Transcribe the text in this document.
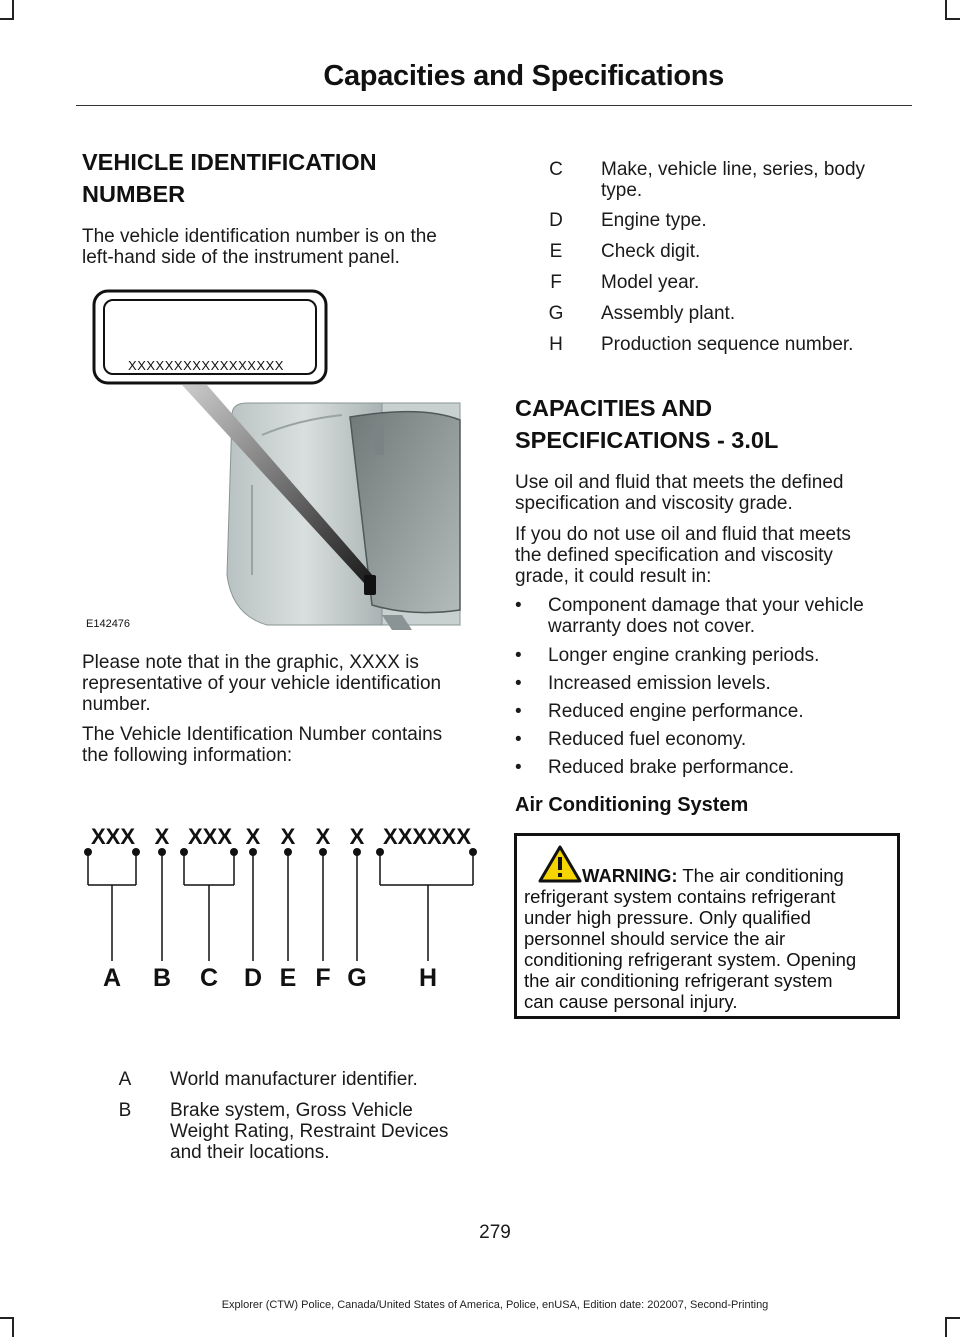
Capacities and Specifications
VEHICLE IDENTIFICATION
NUMBER
The vehicle identification number is on the
left-hand side of the instrument panel.
XXXXXXXXXXXXXXXXX
E142476
Please note that in the graphic, XXXX is
representative of your vehicle identification
number.
The Vehicle Identification Number contains
the following information:
XXX X XXX X X X X XXXXXX
A B C D E F G H
A World manufacturer identifier.
B Brake system, Gross Vehicle
Weight Rating, Restraint Devices
and their locations.
C Make, vehicle line, series, body
type.
D Engine type.
E Check digit.
F Model year.
G Assembly plant.
H Production sequence number.
CAPACITIES AND
SPECIFICATIONS - 3.0L
Use oil and fluid that meets the defined
specification and viscosity grade.
If you do not use oil and fluid that meets
the defined specification and viscosity
grade, it could result in:
• Component damage that your vehicle
warranty does not cover.
• Longer engine cranking periods.
• Increased emission levels.
• Reduced engine performance.
• Reduced fuel economy.
• Reduced brake performance.
Air Conditioning System
WARNING: The air conditioning
refrigerant system contains refrigerant
under high pressure. Only qualified
personnel should service the air
conditioning refrigerant system. Opening
the air conditioning refrigerant system
can cause personal injury.
279
Explorer (CTW) Police, Canada/United States of America, Police, enUSA, Edition date: 202007, Second-Printing
